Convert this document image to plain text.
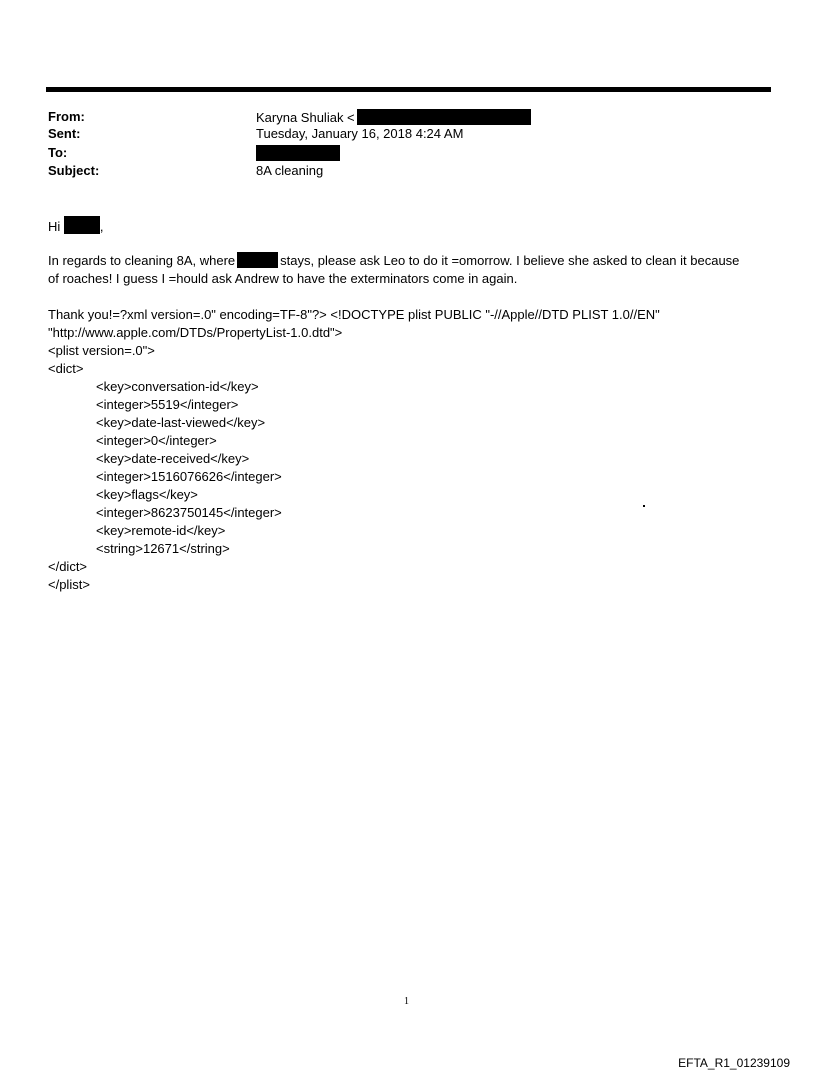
From:	Karyna Shuliak <
Sent:	Tuesday, January 16, 2018 4:24 AM
To:
Subject:	8A cleaning
Hi	,
In regards to cleaning 8A, where	stays, please ask Leo to do it =omorrow. I believe she asked to clean it because
of roaches! I guess I =hould ask Andrew to have the exterminators come in again.
Thank you!=?xml version=.0" encoding=TF-8"?> <!DOCTYPE plist PUBLIC "-//Apple//DTD PLIST 1.0//EN"
"http://www.apple.com/DTDs/PropertyList-1.0.dtd">
<plist version=.0">
<dict>
<key>conversation-id</key>
<integer>5519</integer>
<key>date-last-viewed</key>
<integer>0</integer>
<key>date-received</key>
<integer>1516076626</integer>
<key>flags</key>
<integer>8623750145</integer>
<key>remote-id</key>
<string>12671</string>
</dict>
</plist>
1
EFTA_R1_01239109
